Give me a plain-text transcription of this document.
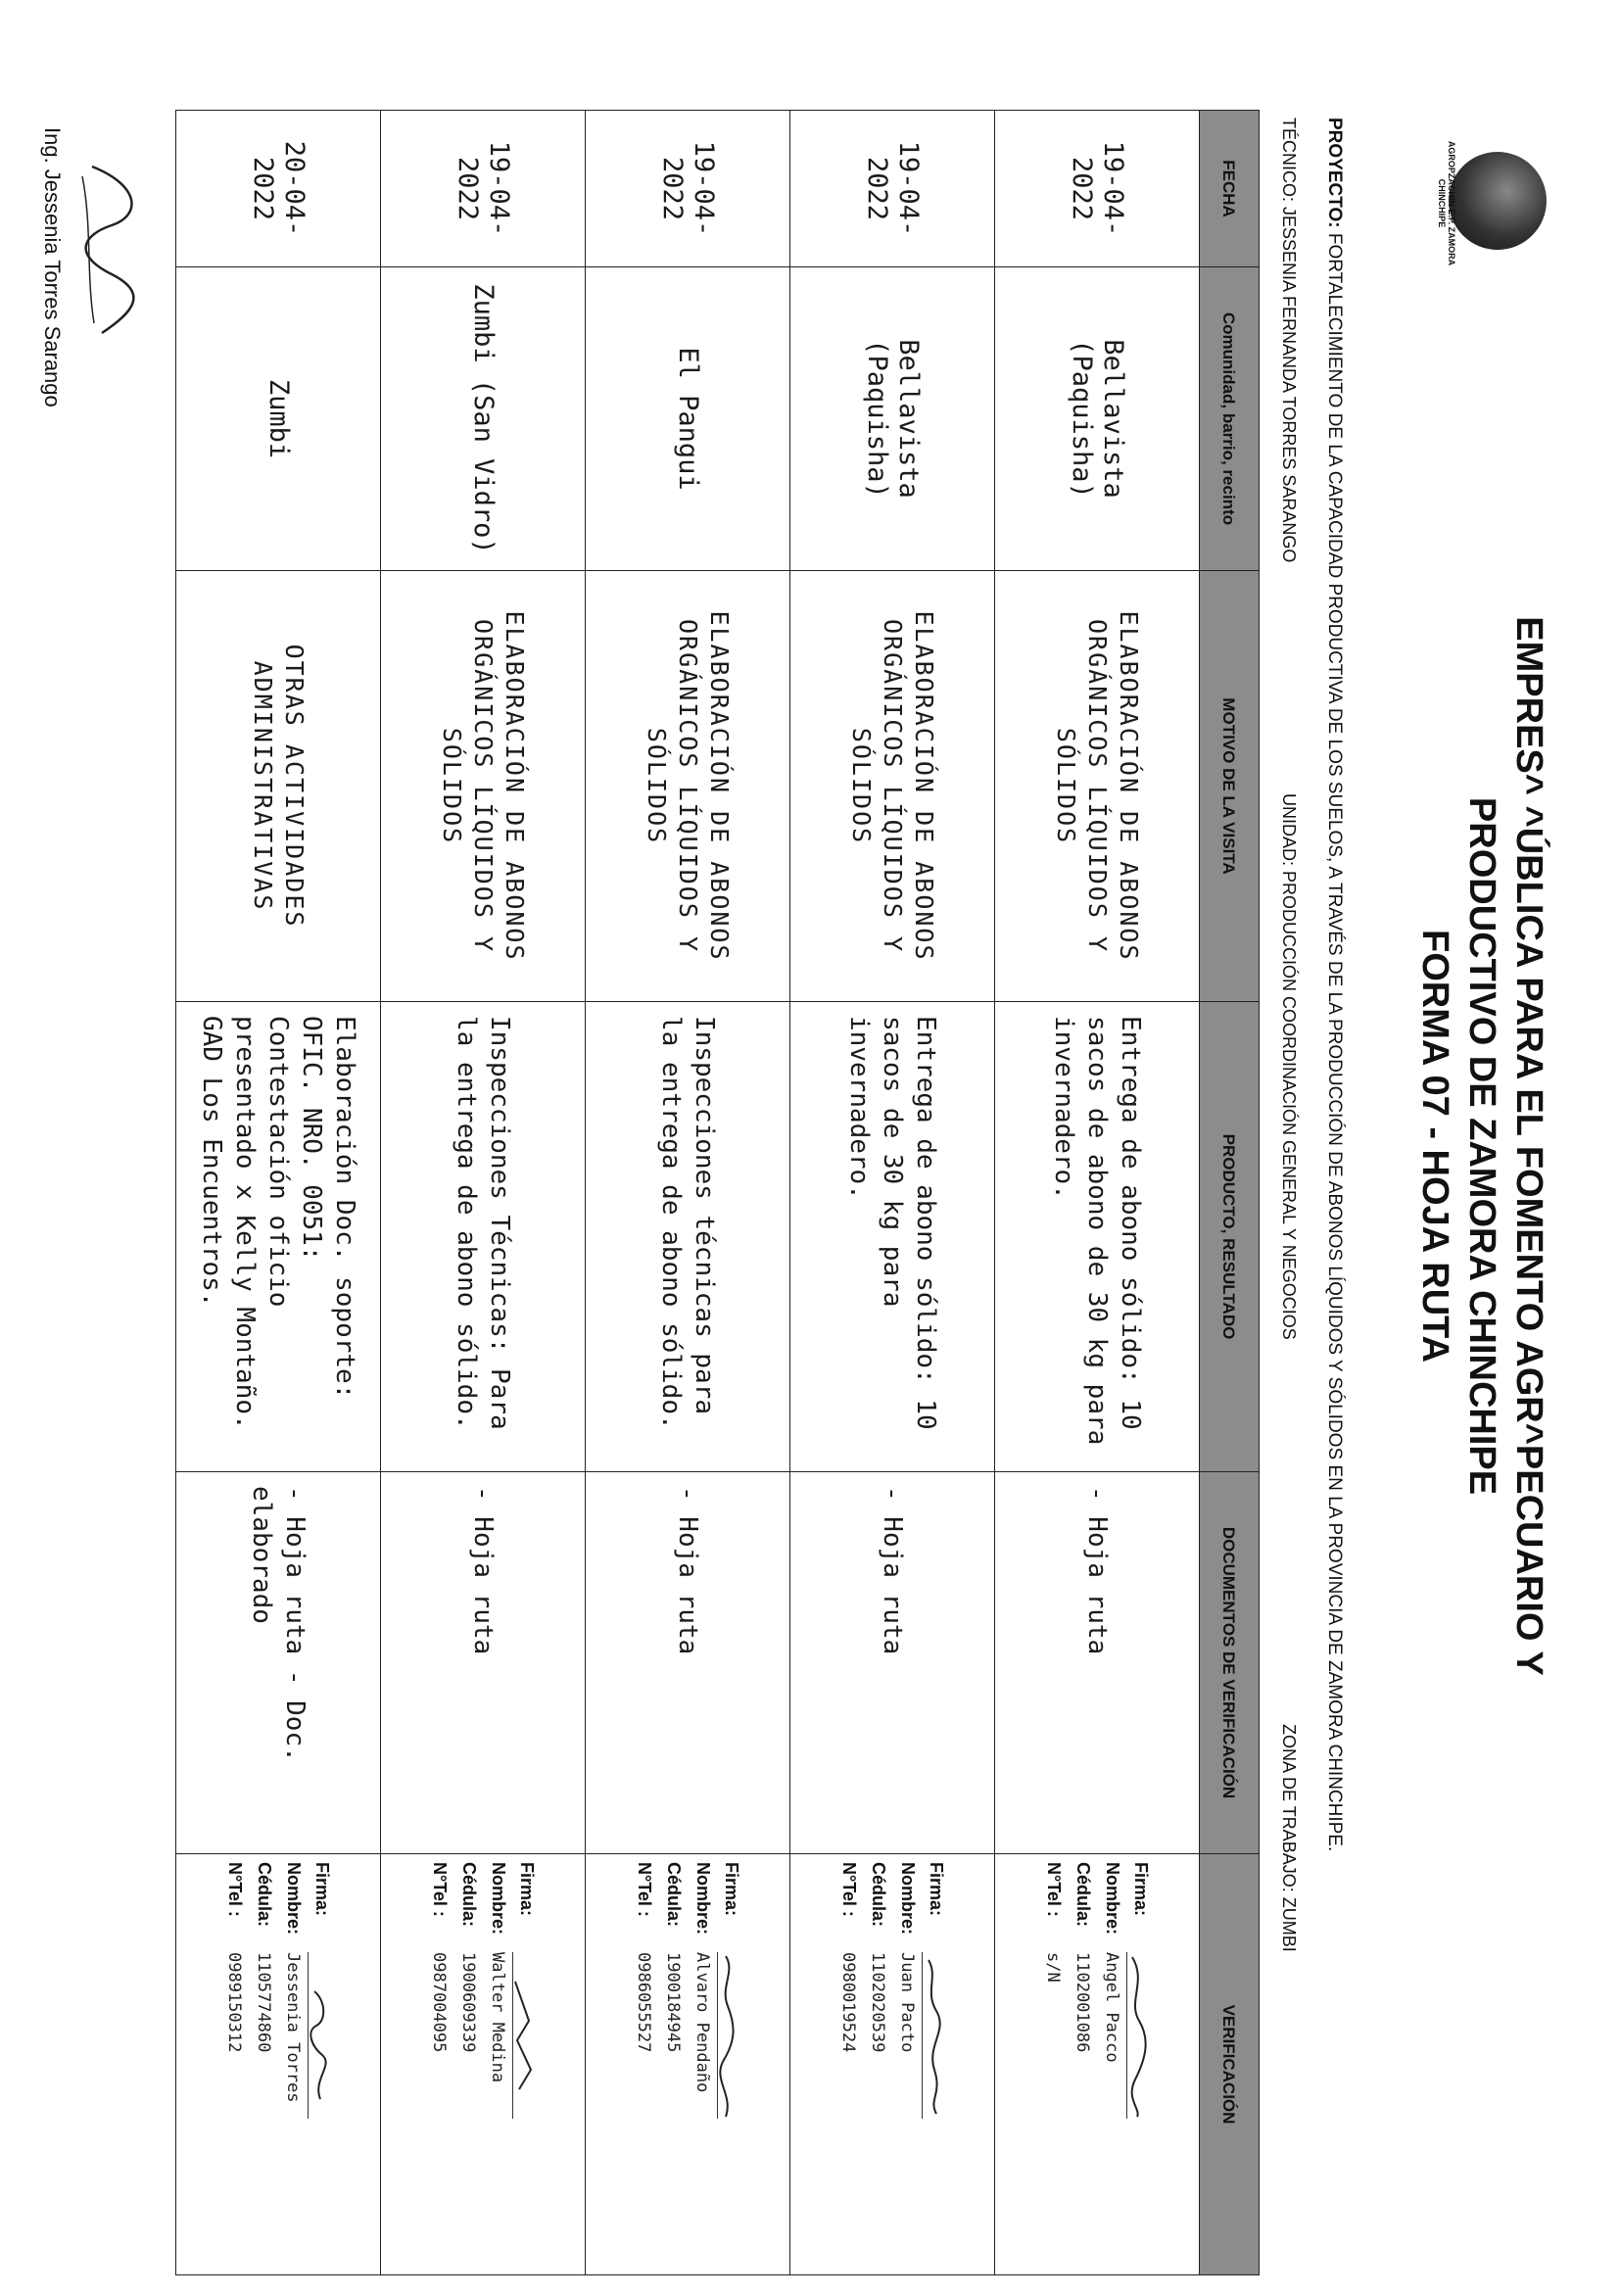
AGROPZACHIN E.P. ZAMORA CHINCHIPE
EMPRES^ ^ÚBLICA PARA EL FOMENTO AGR^PECUARIO Y
PRODUCTIVO DE ZAMORA CHINCHIPE
FORMA 07 - HOJA RUTA
PROYECTO: FORTALECIMIENTO DE LA CAPACIDAD PRODUCTIVA DE LOS SUELOS, A TRAVÉS DE LA PRODUCCIÓN DE ABONOS LÍQUIDOS Y SÓLIDOS EN LA PROVINCIA DE ZAMORA CHINCHIPE.
TÉCNICO: JESSENIA FERNANDA TORRES SARANGO
UNIDAD: PRODUCCIÓN COORDINACIÓN GENERAL Y NEGOCIOS
ZONA DE TRABAJO: ZUMBI
FECHA	Comunidad, barrio, recinto	MOTIVO DE LA VISITA	PRODUCTO, RESULTADO	DOCUMENTOS DE VERIFICACIÓN	VERIFICACIÓN
19-04-2022	Bellavista (Paquisha)	ELABORACIÓN DE ABONOS ORGÁNICOS LÍQUIDOS Y SÓLIDOS	Entrega de abono sólido: 10 sacos de abono de 30 kg para invernadero.	- Hoja ruta	Firma:
Nombre:Angel Pacco
Cédula:1102001086
N°Tel :s/N

19-04-2022	Bellavista (Paquisha)	ELABORACIÓN DE ABONOS ORGÁNICOS LÍQUIDOS Y SÓLIDOS	Entrega de abono sólido: 10 sacos de 30 kg para invernadero.	- Hoja ruta	Firma:
Nombre:Juan Pacto
Cédula:1102020539
N°Tel :0980019524

19-04-2022	El Pangui	ELABORACIÓN DE ABONOS ORGÁNICOS LÍQUIDOS Y SÓLIDOS	Inspecciones técnicas para la entrega de abono sólido.	- Hoja ruta	Firma:
Nombre:Alvaro Pendaño
Cédula:1900184945
N°Tel :0986055527

19-04-2022	Zumbi (San Vidro)	ELABORACIÓN DE ABONOS ORGÁNICOS LÍQUIDOS Y SÓLIDOS	Inspecciones Técnicas: Para la entrega de abono sólido.	- Hoja ruta	Firma:
Nombre:Walter Medina
Cédula:1900609339
N°Tel :0987004095

20-04-2022	Zumbi	OTRAS ACTIVIDADES ADMINISTRATIVAS	Elaboración Doc. soporte: OFIC. NRO. 0051: Contestación oficio presentado x Kelly Montaño. GAD Los Encuentros.	- Hoja ruta - Doc. elaborado	Firma:
Nombre:Jessenia Torres
Cédula:1105774860
N°Tel :0989150312
Ing. Jessenia Torres Sarango
